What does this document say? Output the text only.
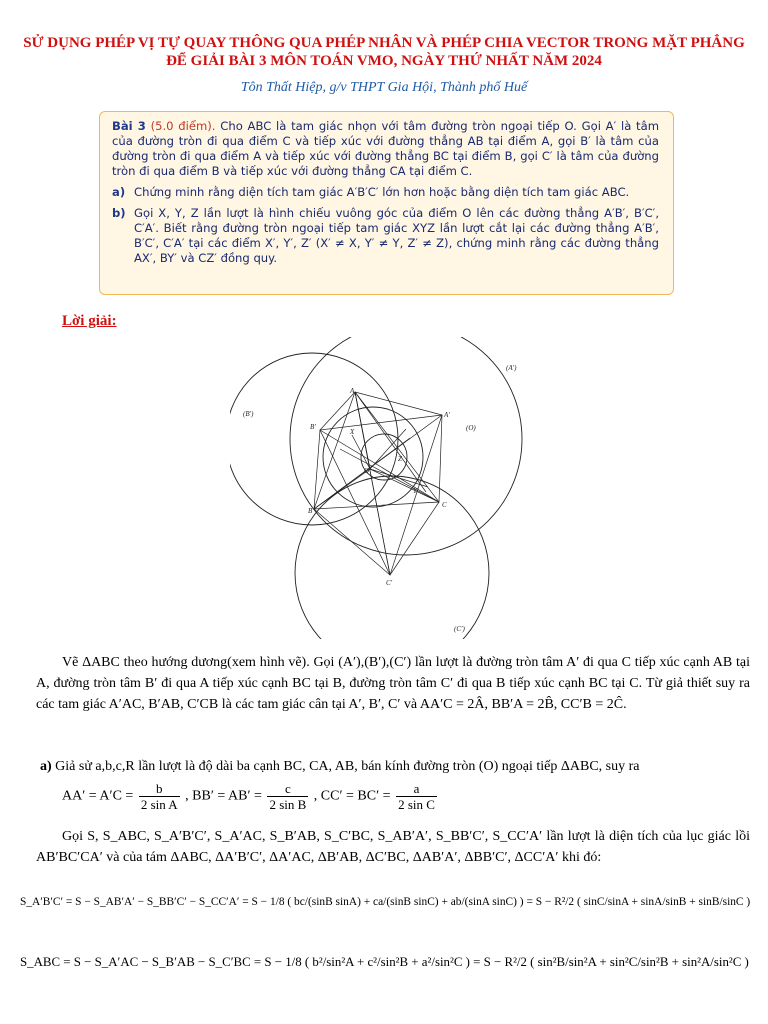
SỬ DỤNG PHÉP VỊ TỰ QUAY THÔNG QUA PHÉP NHÂN VÀ PHÉP CHIA VECTOR TRONG MẶT PHẲNG ĐỂ GIẢI BÀI 3 MÔN TOÁN VMO, NGÀY THỨ NHẤT NĂM 2024
Tôn Thất Hiệp, g/v THPT Gia Hội, Thành phố Huế

Bài 3 (5.0 điểm). Cho ABC là tam giác nhọn với tâm đường tròn ngoại tiếp O. Gọi A′ là tâm của đường tròn đi qua điểm C và tiếp xúc với đường thẳng AB tại điểm A, gọi B′ là tâm của đường tròn đi qua điểm A và tiếp xúc với đường thẳng BC tại điểm B, gọi C′ là tâm của đường tròn đi qua điểm B và tiếp xúc với đường thẳng CA tại điểm C.

a) Chứng minh rằng diện tích tam giác A′B′C′ lớn hơn hoặc bằng diện tích tam giác ABC.
b) Gọi X, Y, Z lần lượt là hình chiếu vuông góc của điểm O lên các đường thẳng A′B′, B′C′, C′A′. Biết rằng đường tròn ngoại tiếp tam giác XYZ lần lượt cắt lại các đường thẳng A′B′, B′C′, C′A′ tại các điểm X′, Y′, Z′ (X′ ≠ X, Y′ ≠ Y, Z′ ≠ Z), chứng minh rằng các đường thẳng AX′, BY′ và CZ′ đồng quy.
Lời giải:
(A')
(B')
(C')
(O)
A
B
C
A'
B'
C'
O
X
Y
Z
Vẽ ΔABC theo hướng dương(xem hình vẽ). Gọi (A′),(B′),(C′) lần lượt là đường tròn tâm A′ đi qua C tiếp xúc cạnh AB tại A, đường tròn tâm B′ đi qua A tiếp xúc cạnh BC tại B, đường tròn tâm C′ đi qua B tiếp xúc cạnh BC tại C. Từ giả thiết suy ra các tam giác A′AC, B′AB, C′CB là các tam giác cân tại A′, B′, C′ và AA′C = 2Â, BB′A = 2B̂, CC′B = 2Ĉ.
a) Giả sử a,b,c,R lần lượt là độ dài ba cạnh BC, CA, AB, bán kính đường tròn (O) ngoại tiếp ΔABC, suy ra
$AA' = A'C = \frac{b}{\text{2 sin A}}$ , $BB' = AB' = \frac{c}{\text{2 sin B}}$ , $CC' = BC' = \frac{a}{\text{2 sin C}}$
Gọi S, S_ABC, S_A′B′C′, S_A′AC, S_B′AB, S_C′BC, S_AB′A′, S_BB′C′, S_CC′A′ lần lượt là diện tích của lục giác lồi AB′BC′CA′ và của tám ΔABC, ΔA′B′C′, ΔA′AC, ΔB′AB, ΔC′BC, ΔAB′A′, ΔBB′C′, ΔCC′A′ khi đó:
S_A′B′C′ = S − S_AB′A′ − S_BB′C′ − S_CC′A′ = S − 1/8 ( bc/(sinB sinA) + ca/(sinB sinC) + ab/(sinA sinC) ) = S − R²/2 ( sinC/sinA + sinA/sinB + sinB/sinC )
S_ABC = S − S_A′AC − S_B′AB − S_C′BC = S − 1/8 ( b²/sin²A + c²/sin²B + a²/sin²C ) = S − R²/2 ( sin²B/sin²A + sin²C/sin²B + sin²A/sin²C )
